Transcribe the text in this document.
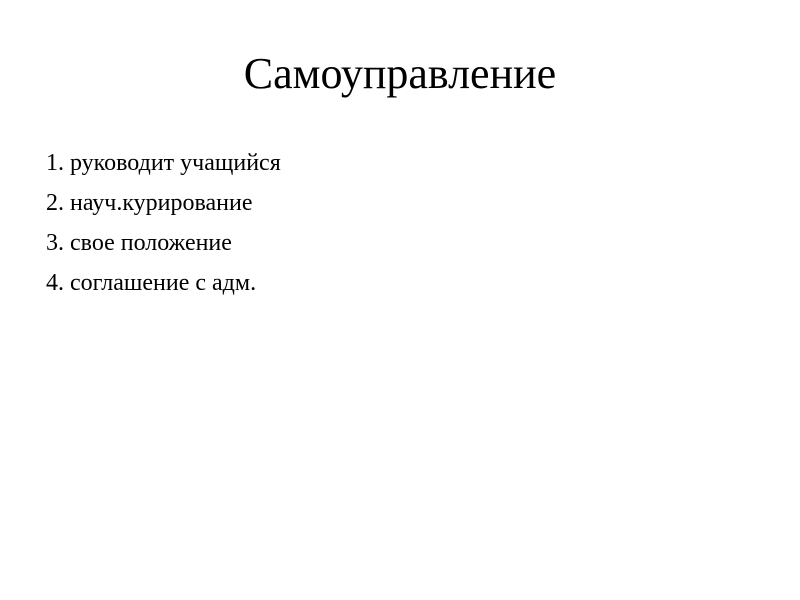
Самоуправление
1. руководит учащийся
2. науч.курирование
3. свое положение
4. соглашение с адм.
